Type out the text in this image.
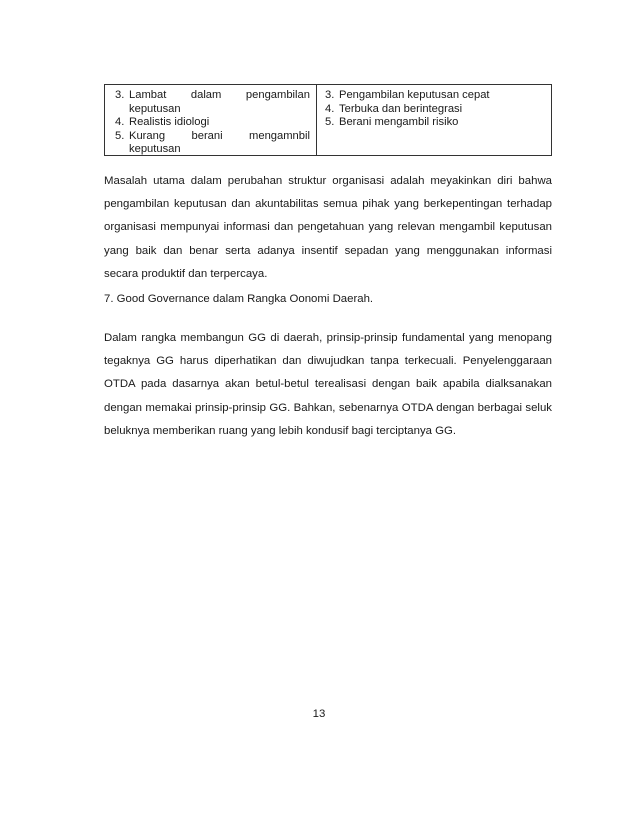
3. Lambat dalam pengambilan
keputusan
4. Realistis idiologi
5. Kurang berani mengamnbil
keputusan
3. Pengambilan keputusan cepat
4. Terbuka dan berintegrasi
5. Berani mengambil risiko

Masalah utama dalam perubahan struktur organisasi adalah meyakinkan diri bahwa pengambilan keputusan dan akuntabilitas semua pihak yang berkepentingan terhadap organisasi mempunyai informasi dan pengetahuan yang relevan mengambil keputusan yang baik dan benar serta adanya insentif sepadan yang menggunakan informasi secara produktif dan terpercaya.

7. Good Governance dalam Rangka Oonomi Daerah.

Dalam rangka membangun GG di daerah, prinsip-prinsip fundamental yang menopang tegaknya GG harus diperhatikan dan diwujudkan tanpa terkecuali. Penyelenggaraan OTDA pada dasarnya akan betul-betul terealisasi dengan baik apabila dialksanakan dengan memakai prinsip-prinsip GG. Bahkan, sebenarnya OTDA dengan berbagai seluk beluknya memberikan ruang yang lebih kondusif bagi terciptanya GG.

13
